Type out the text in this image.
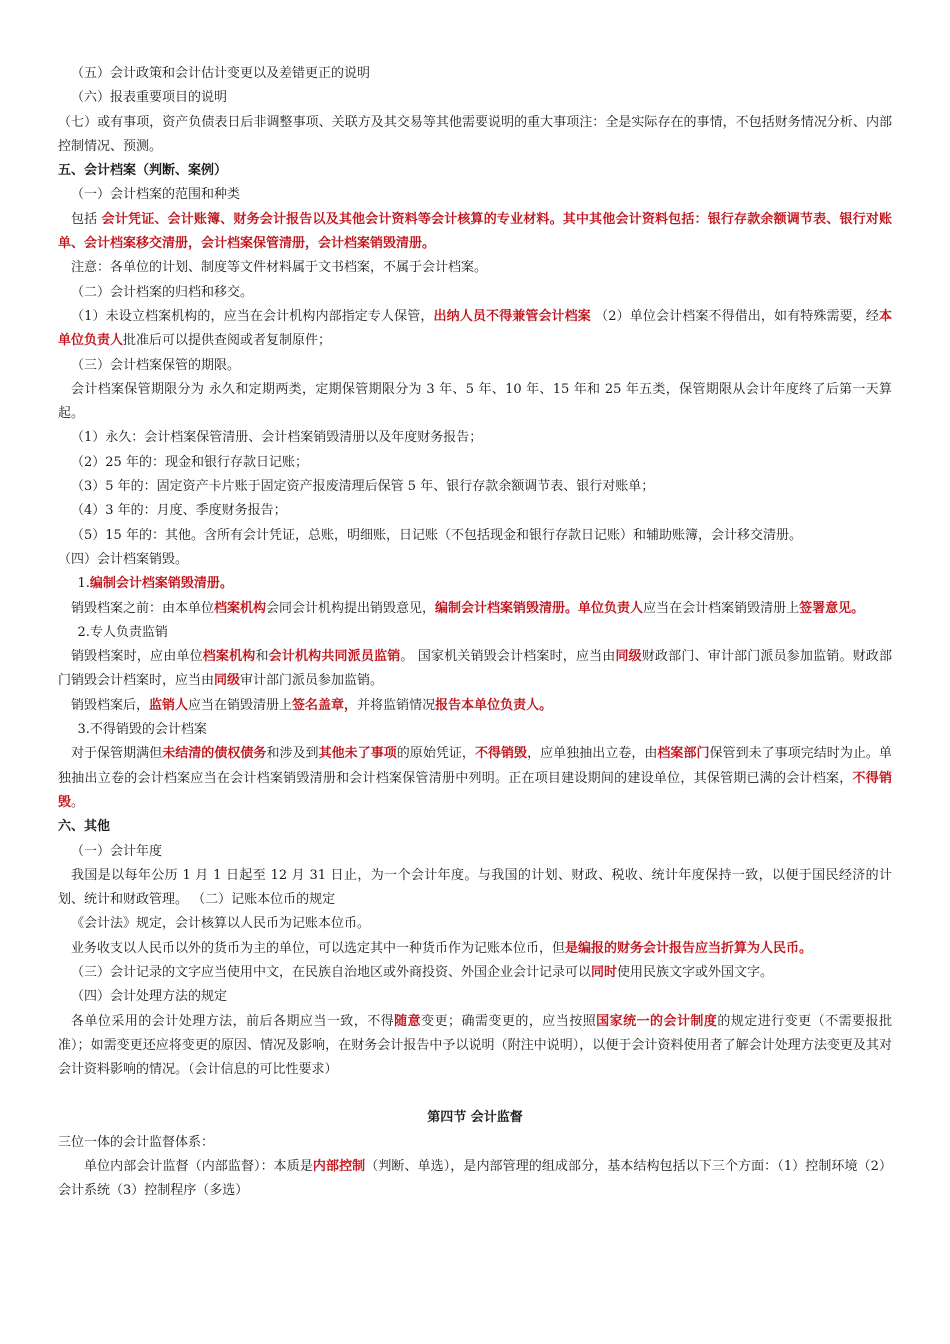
（五）会计政策和会计估计变更以及差错更正的说明

（六）报表重要项目的说明

（七）或有事项，资产负债表日后非调整事项、关联方及其交易等其他需要说明的重大事项注：全是实际存在的事情，不包括财务情况分析、内部控制情况、预测。

五、会计档案（判断、案例）

（一）会计档案的范围和种类

包括 会计凭证、会计账簿、财务会计报告以及其他会计资料等会计核算的专业材料。其中其他会计资料包括：银行存款余额调节表、银行对账单、会计档案移交清册，会计档案保管清册，会计档案销毁清册。

注意：各单位的计划、制度等文件材料属于文书档案，不属于会计档案。

（二）会计档案的归档和移交。

（1）未设立档案机构的，应当在会计机构内部指定专人保管，出纳人员不得兼管会计档案 （2）单位会计档案不得借出，如有特殊需要，经本单位负责人批准后可以提供查阅或者复制原件；

（三）会计档案保管的期限。

会计档案保管期限分为 永久和定期两类，定期保管期限分为 3 年、5 年、10 年、15 年和 25 年五类，保管期限从会计年度终了后第一天算起。

（1）永久：会计档案保管清册、会计档案销毁清册以及年度财务报告；

（2）25 年的：现金和银行存款日记账；

（3）5 年的：固定资产卡片账于固定资产报废清理后保管 5 年、银行存款余额调节表、银行对账单；

（4）3 年的：月度、季度财务报告；

（5）15 年的：其他。含所有会计凭证，总账，明细账，日记账（不包括现金和银行存款日记账）和辅助账簿，会计移交清册。

（四）会计档案销毁。

1.编制会计档案销毁清册。

销毁档案之前：由本单位档案机构会同会计机构提出销毁意见，编制会计档案销毁清册。单位负责人应当在会计档案销毁清册上签署意见。

2.专人负责监销

销毁档案时，应由单位档案机构和会计机构共同派员监销。 国家机关销毁会计档案时，应当由同级财政部门、审计部门派员参加监销。财政部门销毁会计档案时，应当由同级审计部门派员参加监销。

销毁档案后，监销人应当在销毁清册上签名盖章，并将监销情况报告本单位负责人。

3.不得销毁的会计档案

对于保管期满但未结清的债权债务和涉及到其他未了事项的原始凭证，不得销毁，应单独抽出立卷，由档案部门保管到未了事项完结时为止。单独抽出立卷的会计档案应当在会计档案销毁清册和会计档案保管清册中列明。正在项目建设期间的建设单位，其保管期已满的会计档案，不得销毁。

六、其他

（一）会计年度

我国是以每年公历 1 月 1 日起至 12 月 31 日止，为一个会计年度。与我国的计划、财政、税收、统计年度保持一致，以便于国民经济的计划、统计和财政管理。 （二）记账本位币的规定

《会计法》规定，会计核算以人民币为记账本位币。

业务收支以人民币以外的货币为主的单位，可以选定其中一种货币作为记账本位币，但是编报的财务会计报告应当折算为人民币。

（三）会计记录的文字应当使用中文，在民族自治地区或外商投资、外国企业会计记录可以同时使用民族文字或外国文字。

（四）会计处理方法的规定

各单位采用的会计处理方法，前后各期应当一致，不得随意变更；确需变更的，应当按照国家统一的会计制度的规定进行变更（不需要报批准）；如需变更还应将变更的原因、情况及影响，在财务会计报告中予以说明（附注中说明），以便于会计资料使用者了解会计处理方法变更及其对会计资料影响的情况。（会计信息的可比性要求）

第四节 会计监督

三位一体的会计监督体系：

单位内部会计监督（内部监督）：本质是内部控制（判断、单选），是内部管理的组成部分，基本结构包括以下三个方面：（1）控制环境（2）会计系统（3）控制程序（多选）
